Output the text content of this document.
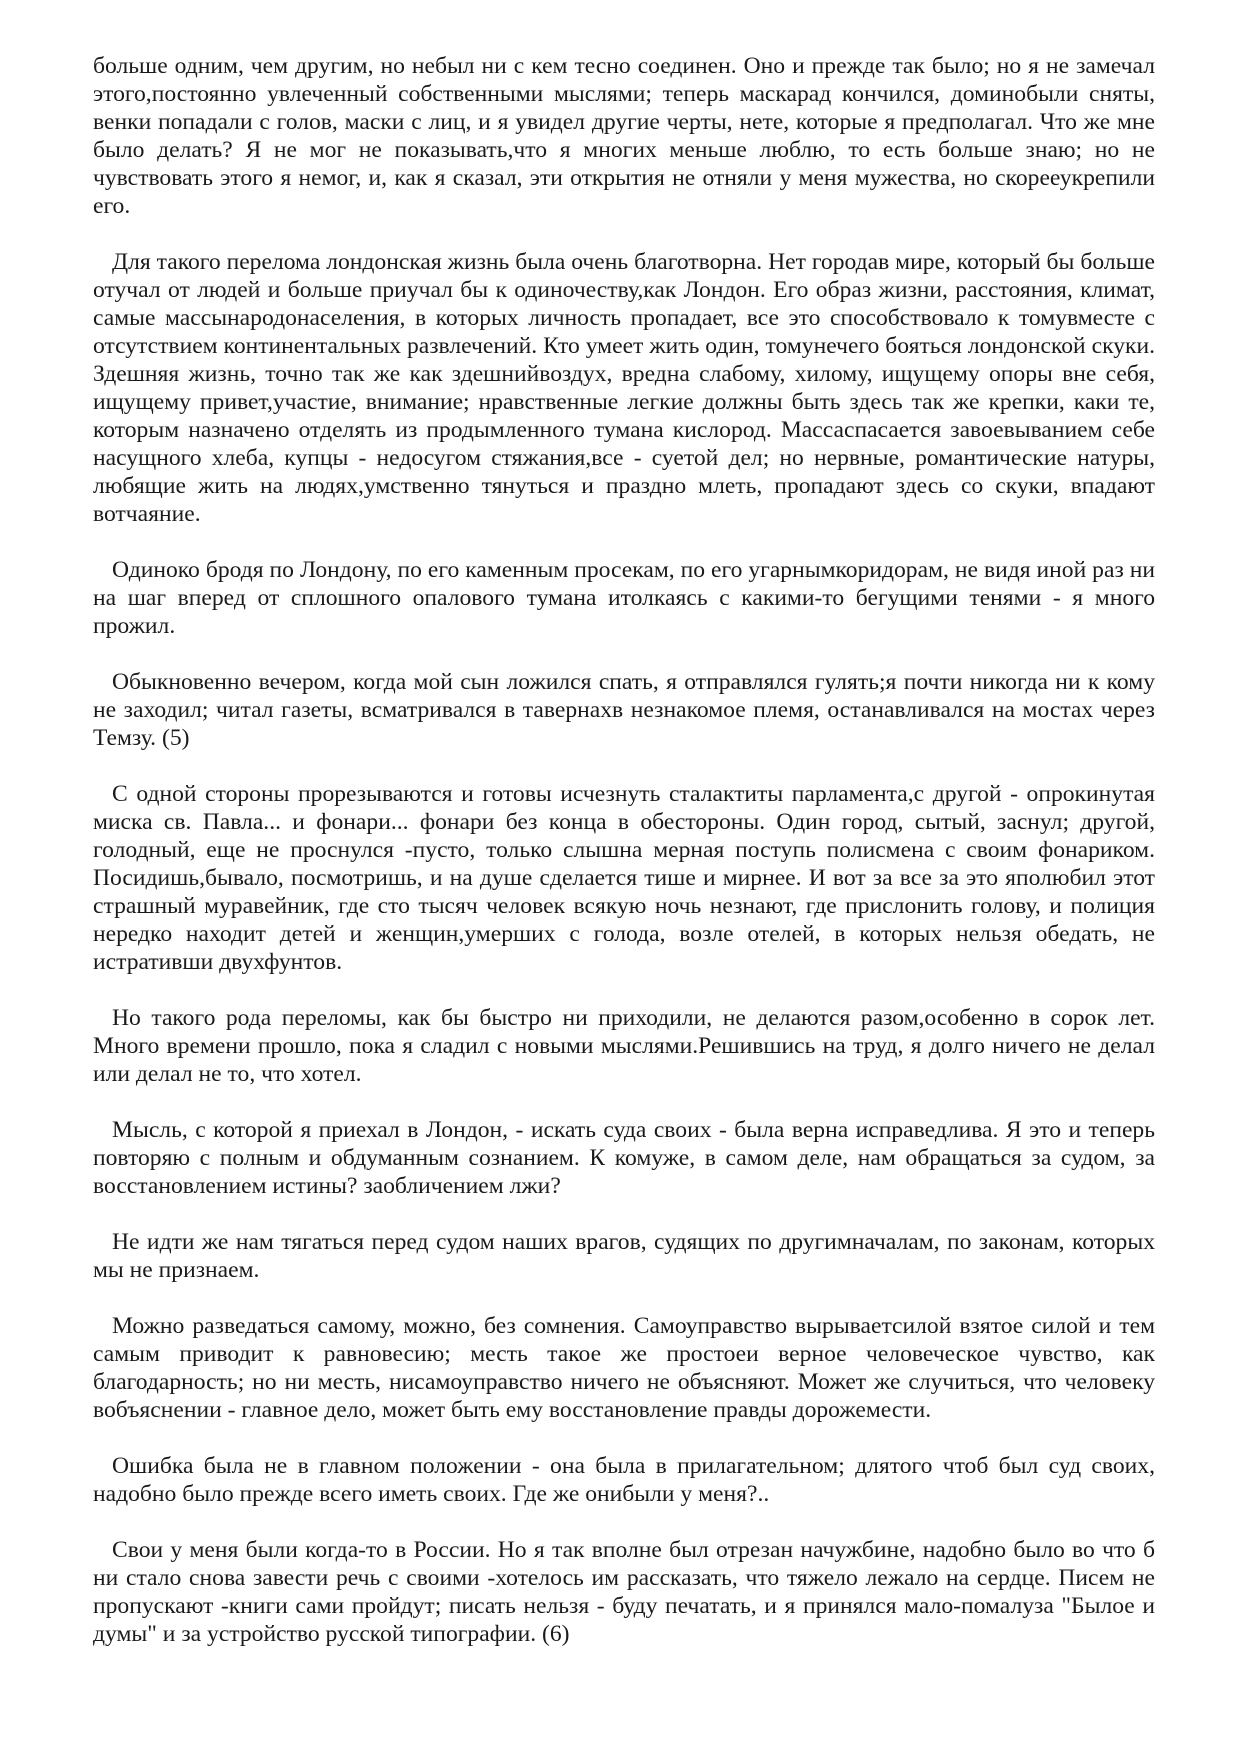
больше одним, чем другим, но небыл ни с кем тесно соединен. Оно и прежде так было; но я не замечал этого,постоянно увлеченный собственными мыслями; теперь маскарад кончился, доминобыли сняты, венки попадали с голов, маски с лиц, и я увидел другие черты, нете, которые я предполагал. Что же мне было делать? Я не мог не показывать,что я многих меньше люблю, то есть больше знаю; но не чувствовать этого я немог, и, как я сказал, эти открытия не отняли у меня мужества, но скорееукрепили его.

Для такого перелома лондонская жизнь была очень благотворна. Нет городав мире, который бы больше отучал от людей и больше приучал бы к одиночеству,как Лондон. Его образ жизни, расстояния, климат, самые массынародонаселения, в которых личность пропадает, все это способствовало к томувместе с отсутствием континентальных развлечений. Кто умеет жить один, томунечего бояться лондонской скуки. Здешняя жизнь, точно так же как здешнийвоздух, вредна слабому, хилому, ищущему опоры вне себя, ищущему привет,участие, внимание; нравственные легкие должны быть здесь так же крепки, каки те, которым назначено отделять из продымленного тумана кислород. Массаспасается завоевыванием себе насущного хлеба, купцы - недосугом стяжания,все - суетой дел; но нервные, романтические натуры, любящие жить на людях,умственно тянуться и праздно млеть, пропадают здесь со скуки, впадают вотчаяние.

Одиноко бродя по Лондону, по его каменным просекам, по его угарнымкоридорам, не видя иной раз ни на шаг вперед от сплошного опалового тумана итолкаясь с какими-то бегущими тенями - я много прожил.

Обыкновенно вечером, когда мой сын ложился спать, я отправлялся гулять;я почти никогда ни к кому не заходил; читал газеты, всматривался в тавернахв незнакомое племя, останавливался на мостах через Темзу. (5)

С одной стороны прорезываются и готовы исчезнуть сталактиты парламента,с другой - опрокинутая миска св. Павла... и фонари... фонари без конца в обестороны. Один город, сытый, заснул; другой, голодный, еще не проснулся -пусто, только слышна мерная поступь полисмена с своим фонариком. Посидишь,бывало, посмотришь, и на душе сделается тише и мирнее. И вот за все за это яполюбил этот страшный муравейник, где сто тысяч человек всякую ночь незнают, где прислонить голову, и полиция нередко находит детей и женщин,умерших с голода, возле отелей, в которых нельзя обедать, не истративши двухфунтов.

Но такого рода переломы, как бы быстро ни приходили, не делаются разом,особенно в сорок лет. Много времени прошло, пока я сладил с новыми мыслями.Решившись на труд, я долго ничего не делал или делал не то, что хотел.

Мысль, с которой я приехал в Лондон, - искать суда своих - была верна исправедлива. Я это и теперь повторяю с полным и обдуманным сознанием. К комуже, в самом деле, нам обращаться за судом, за восстановлением истины? заобличением лжи?

Не идти же нам тягаться перед судом наших врагов, судящих по другимначалам, по законам, которых мы не признаем.

Можно разведаться самому, можно, без сомнения. Самоуправство вырываетсилой взятое силой и тем самым приводит к равновесию; месть такое же простоеи верное человеческое чувство, как благодарность; но ни месть, нисамоуправство ничего не объясняют. Может же случиться, что человеку вобъяснении - главное дело, может быть ему восстановление правды дорожемести.

Ошибка была не в главном положении - она была в прилагательном; длятого чтоб был суд своих, надобно было прежде всего иметь своих. Где же онибыли у меня?..

Свои у меня были когда-то в России. Но я так вполне был отрезан начужбине, надобно было во что б ни стало снова завести речь с своими -хотелось им рассказать, что тяжело лежало на сердце. Писем не пропускают -книги сами пройдут; писать нельзя - буду печатать, и я принялся мало-помалуза "Былое и думы" и за устройство русской типографии. (6)
